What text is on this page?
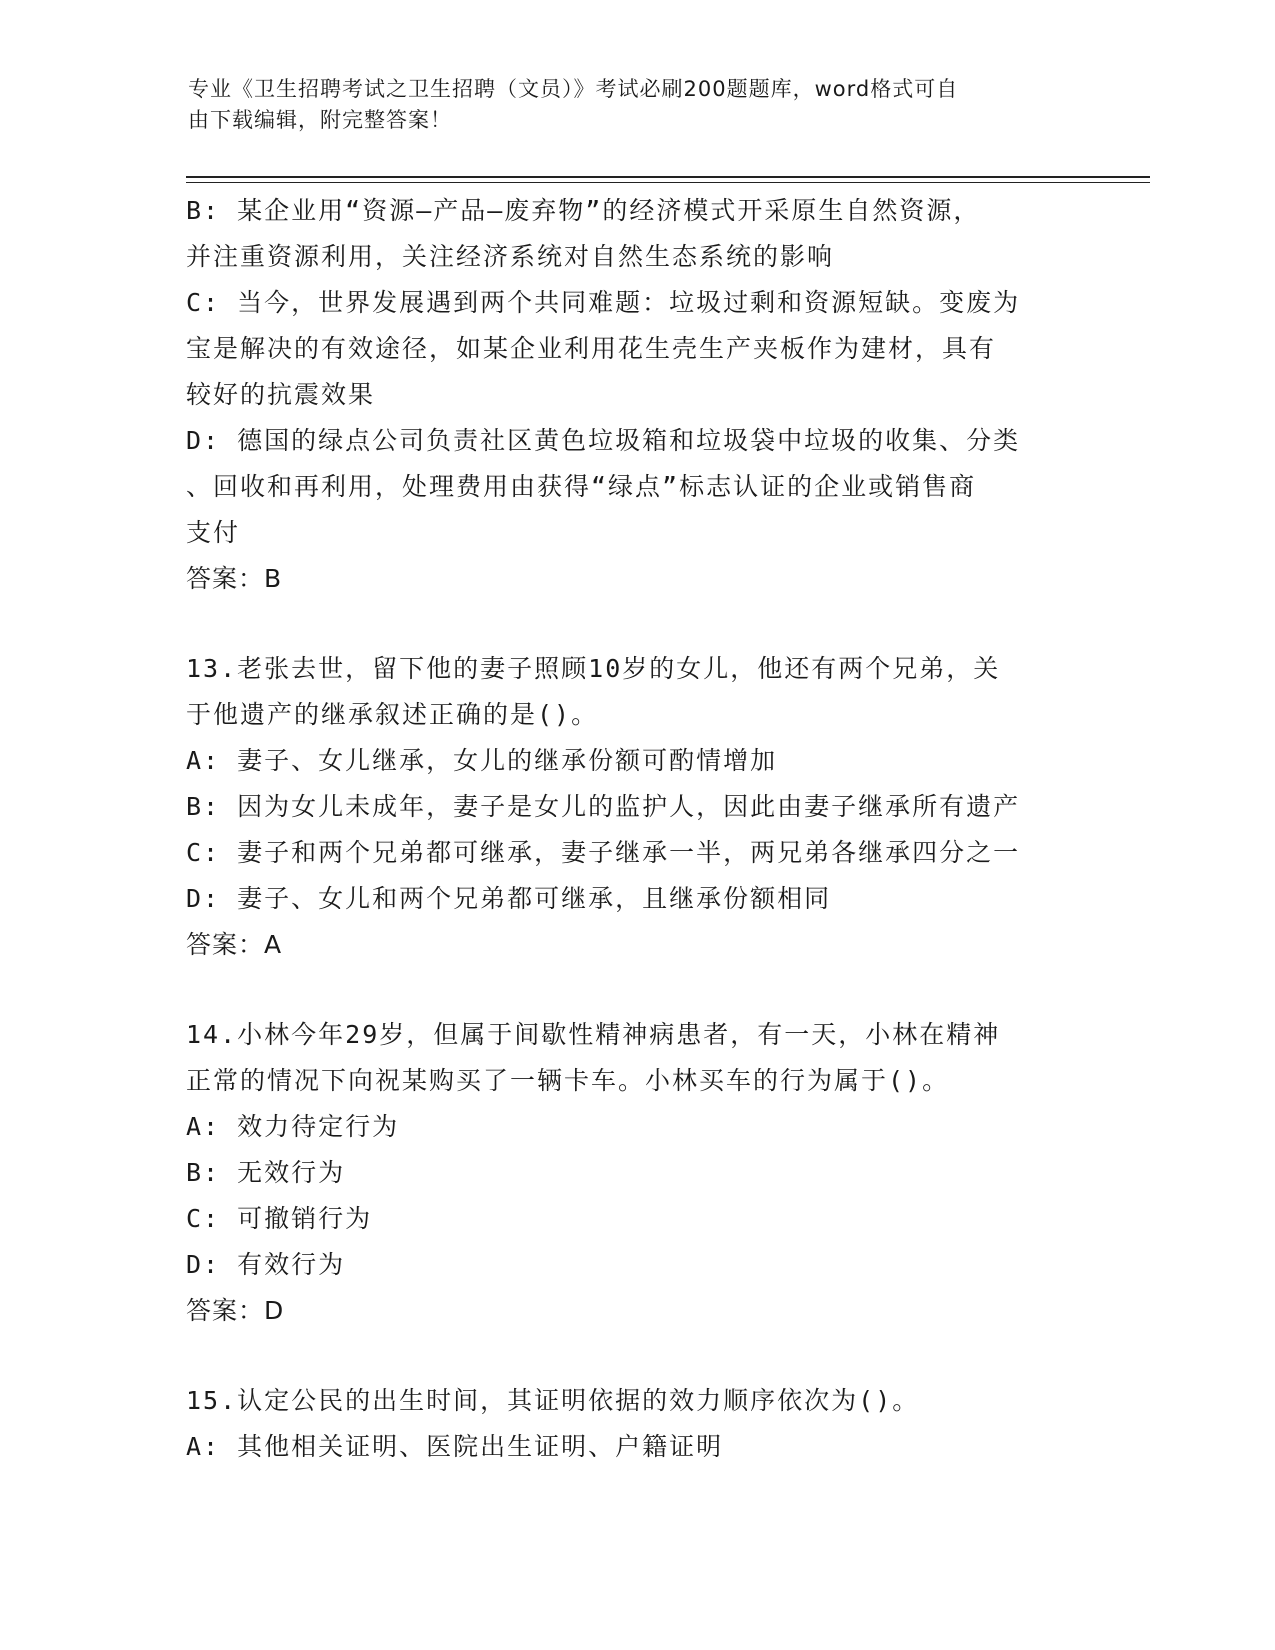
专业《卫生招聘考试之卫生招聘（文员）》考试必刷200题题库，word格式可自
由下载编辑，附完整答案！
B: 某企业用“资源—产品—废弃物”的经济模式开采原生自然资源，
并注重资源利用，关注经济系统对自然生态系统的影响
C: 当今，世界发展遇到两个共同难题：垃圾过剩和资源短缺。变废为
宝是解决的有效途径，如某企业利用花生壳生产夹板作为建材，具有
较好的抗震效果
D: 德国的绿点公司负责社区黄色垃圾箱和垃圾袋中垃圾的收集、分类
、回收和再利用，处理费用由获得“绿点”标志认证的企业或销售商
支付
答案：B
13.老张去世，留下他的妻子照顾10岁的女儿，他还有两个兄弟，关
于他遗产的继承叙述正确的是()。
A: 妻子、女儿继承，女儿的继承份额可酌情增加
B: 因为女儿未成年，妻子是女儿的监护人，因此由妻子继承所有遗产
C: 妻子和两个兄弟都可继承，妻子继承一半，两兄弟各继承四分之一
D: 妻子、女儿和两个兄弟都可继承，且继承份额相同
答案：A
14.小林今年29岁，但属于间歇性精神病患者，有一天，小林在精神
正常的情况下向祝某购买了一辆卡车。小林买车的行为属于()。
A: 效力待定行为
B: 无效行为
C: 可撤销行为
D: 有效行为
答案：D
15.认定公民的出生时间，其证明依据的效力顺序依次为()。
A: 其他相关证明、医院出生证明、户籍证明
